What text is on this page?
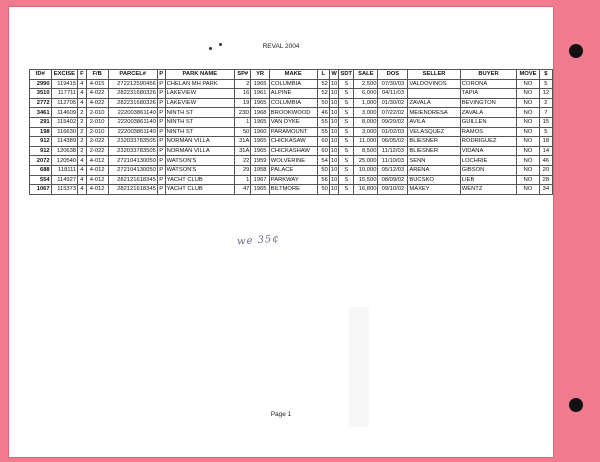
REVAL 2004
ID#	EXCISE	F	F/B	PARCEL#	P	PARK NAME	SP#	YR	MAKE	L	W	SDT	SALE	DOS	SELLER	BUYER	MOVE	$
2990	119415	4	4-015	272212590456	P	CHELAN MH PARK	2	1965	COLUMBIA	52	10	S	2,500	07/30/03	VALDOVINOS	CORONA	NO	5
3510	117711	4	4-022	282231680326	P	LAKEVIEW	16	1961	ALPINE	52	10	S	6,000	04/11/03		TAPIA	NO	12
2772	112705	4	4-022	282231680326	P	LAKEVIEW	19	1965	COLUMBIA	50	10	S	1,000	01/30/02	ZAVALA	BEVINGTON	NO	2
3461	114609	2	2-010	222003861140	P	NINTH ST	23D	1968	BROOKWOOD	46	10	S	3,000	07/22/02	MEIENDRESA	ZAVALA	NO	7
291	115402	2	2-010	222003861140	P	NINTH ST	1	1965	VAN DYKE	55	10	S	8,000	09/20/02	AVILA	GUILLEN	NO	15
198	116630	2	2-010	222003861140	P	NINTH ST	50	1960	PARAMOUNT	55	10	S	3,000	01/02/03	VELASQUEZ	RAMOS	NO	5
912	114389	2	2-022	232033783505	P	NORMAN VILLA	31A	1965	CHICKASAW	60	10	S	11,000	06/05/02	BLIESNER	RODRIGUEZ	NO	18
912	120638	2	2-022	232033783505	P	NORMAN VILLA	31A	1965	CHICKASHAW	60	10	S	8,500	11/12/03	BLIESNER	VIDANA	NO	14
2072	120540	4	4-012	272104130050	P	WATSON'S	22	1959	WOLVERINE	54	10	S	25,000	11/10/03	SENN	LOCHRIE	NO	46
688	118111	4	4-012	272104130050	P	WATSON'S	29	1958	PALACE	50	10	S	10,000	05/12/03	ARENA	GIBSON	NO	20
554	114927	4	4-012	282121618345	P	YACHT CLUB	1	1967	PARKWAY	56	10	S	15,500	08/09/02	BUCSKO	LIEB	NO	28
1067	115373	4	4-012	282121618345	P	YACHT CLUB	47	1965	BILTMORE	50	10	S	16,800	09/10/02	MAXEY	WENTZ	NO	34
we 35¢
Page 1
